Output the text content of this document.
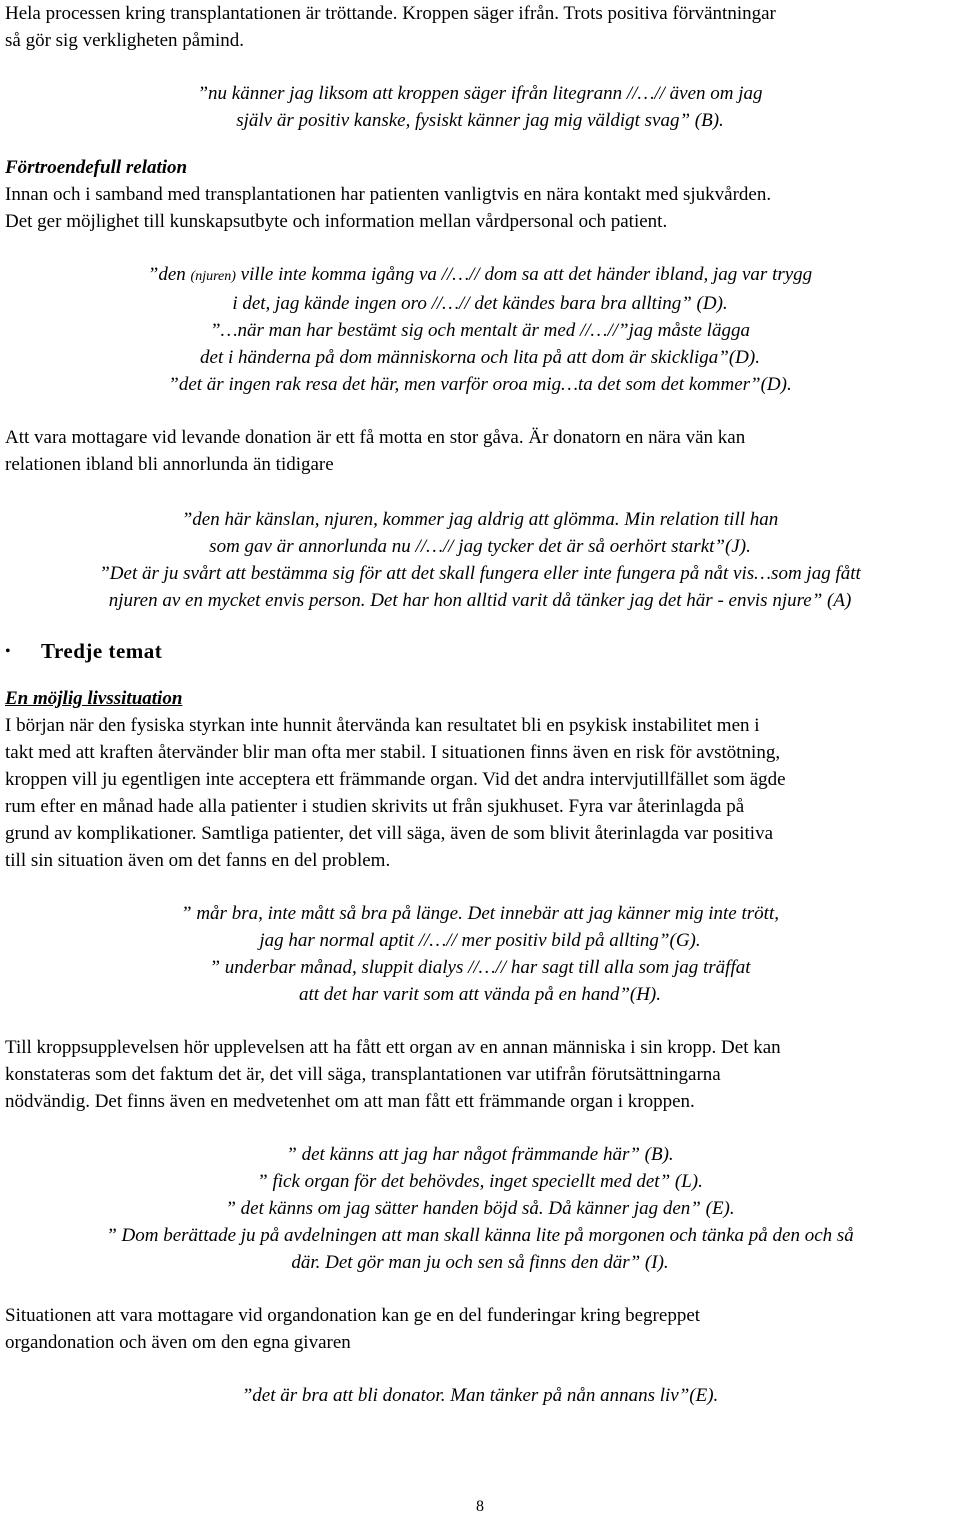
Hela processen kring transplantationen är tröttande. Kroppen säger ifrån. Trots positiva förväntningar

så gör sig verkligheten påmind.

”nu känner jag liksom att kroppen säger ifrån litegrann //…// även om jag

själv är positiv kanske, fysiskt känner jag mig väldigt svag” (B).

Förtroendefull relation

Innan och i samband med transplantationen har patienten vanligtvis en nära kontakt med sjukvården.

Det ger möjlighet till kunskapsutbyte och information mellan vårdpersonal och patient.

”den (njuren) ville inte komma igång va //…// dom sa att det händer ibland, jag var trygg

i det, jag kände ingen oro //…// det kändes bara bra allting” (D).

”…när man har bestämt sig och mentalt är med //…//”jag måste lägga

det i händerna på dom människorna och lita på att dom är skickliga”(D).

”det är ingen rak resa det här, men varför oroa mig…ta det som det kommer”(D).

Att vara mottagare vid levande donation är ett få motta en stor gåva. Är donatorn en nära vän kan

relationen ibland bli annorlunda än tidigare

”den här känslan, njuren, kommer jag aldrig att glömma. Min relation till han

som gav är annorlunda nu //…// jag tycker det är så oerhört starkt”(J).

”Det är ju svårt att bestämma sig för att det skall fungera eller inte fungera på nåt vis…som jag fått

njuren av en mycket envis person. Det har hon alltid varit då tänker jag det här - envis njure” (A)

•	Tredje temat

En möjlig livssituation

I början när den fysiska styrkan inte hunnit återvända kan resultatet bli en psykisk instabilitet men i

takt med att kraften återvänder blir man ofta mer stabil. I situationen finns även en risk för avstötning,

kroppen vill ju egentligen inte acceptera ett främmande organ. Vid det andra intervjutillfället som ägde

rum efter en månad hade alla patienter i studien skrivits ut från sjukhuset. Fyra var återinlagda på

grund av komplikationer. Samtliga patienter, det vill säga, även de som blivit återinlagda var positiva

till sin situation även om det fanns en del problem.

” mår bra, inte mått så bra på länge. Det innebär att jag känner mig inte trött,

jag har normal aptit //…// mer positiv bild på allting”(G).

” underbar månad, sluppit dialys //…// har sagt till alla som jag träffat

att det har varit som att vända på en hand”(H).

Till kroppsupplevelsen hör upplevelsen att ha fått ett organ av en annan människa i sin kropp. Det kan

konstateras som det faktum det är, det vill säga, transplantationen var utifrån förutsättningarna

nödvändig. Det finns även en medvetenhet om att man fått ett främmande organ i kroppen.

” det känns att jag har något främmande här” (B).

” fick organ för det behövdes, inget speciellt med det” (L).

” det känns om jag sätter handen böjd så. Då känner jag den” (E).

” Dom berättade ju på avdelningen att man skall känna lite på morgonen och tänka på den och så

där. Det gör man ju och sen så finns den där” (I).

Situationen att vara mottagare vid organdonation kan ge en del funderingar kring begreppet

organdonation och även om den egna givaren

”det är bra att bli donator. Man tänker på nån annans liv”(E).

8
